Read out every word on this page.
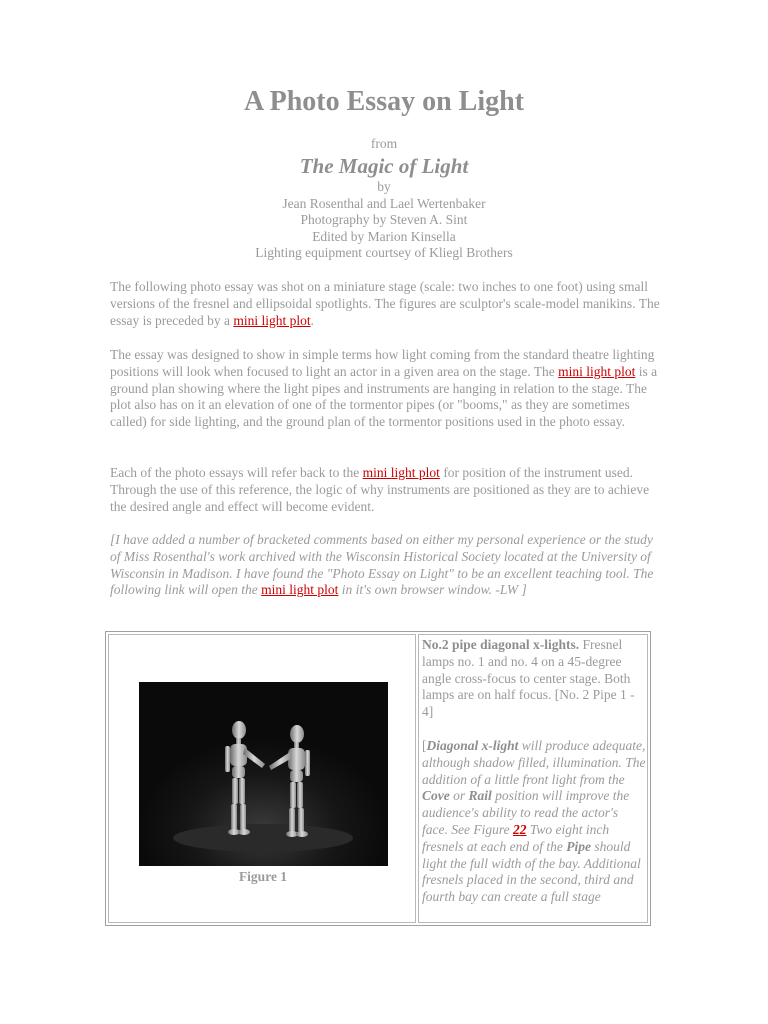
A Photo Essay on Light
from
The Magic of Light
by
Jean Rosenthal and Lael Wertenbaker
Photography by Steven A. Sint
Edited by Marion Kinsella
Lighting equipment courtsey of Kliegl Brothers

The following photo essay was shot on a miniature stage (scale: two inches to one foot) using small versions of the fresnel and ellipsoidal spotlights. The figures are sculptor's scale-model manikins. The essay is preceded by a mini light plot.

The essay was designed to show in simple terms how light coming from the standard theatre lighting positions will look when focused to light an actor in a given area on the stage. The mini light plot is a ground plan showing where the light pipes and instruments are hanging in relation to the stage. The plot also has on it an elevation of one of the tormentor pipes (or "booms," as they are sometimes called) for side lighting, and the ground plan of the tormentor positions used in the photo essay.

Each of the photo essays will refer back to the mini light plot for position of the instrument used. Through the use of this reference, the logic of why instruments are positioned as they are to achieve the desired angle and effect will become evident.

[I have added a number of bracketed comments based on either my personal experience or the study of Miss Rosenthal's work archived with the Wisconsin Historical Society located at the University of Wisconsin in Madison. I have found the "Photo Essay on Light" to be an excellent teaching tool. The following link will open the mini light plot in it's own browser window. -LW ]

Figure 1

No.2 pipe diagonal x-lights. Fresnel lamps no. 1 and no. 4 on a 45-degree angle cross-focus to center stage. Both lamps are on half focus. [No. 2 Pipe 1 - 4]

[Diagonal x-light will produce adequate, although shadow filled, illumination. The addition of a little front light from the Cove or Rail position will improve the audience's ability to read the actor's face. See Figure 22 Two eight inch fresnels at each end of the Pipe should light the full width of the bay. Additional fresnels placed in the second, third and fourth bay can create a full stage
